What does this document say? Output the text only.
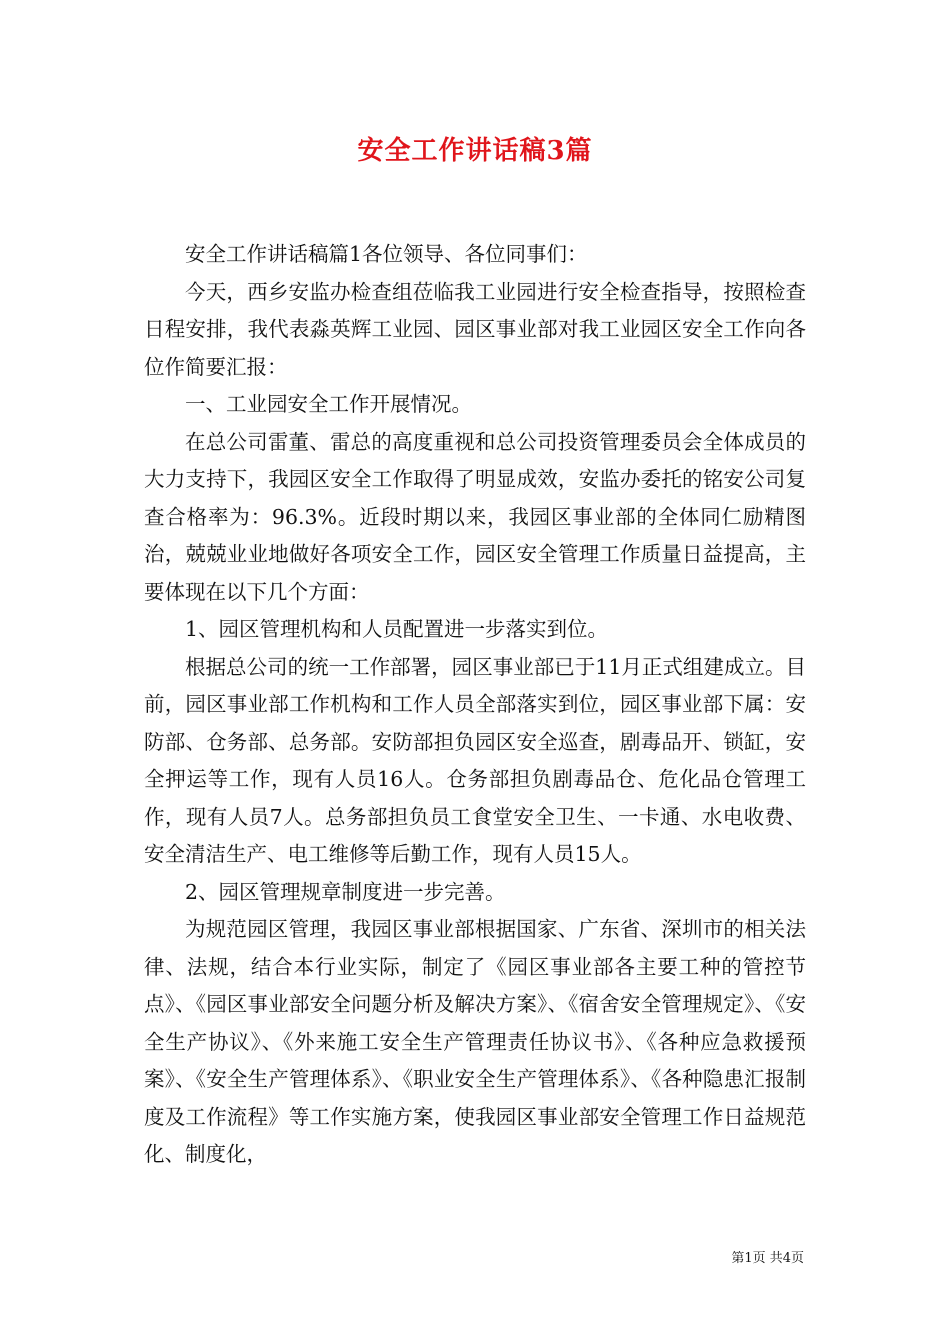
安全工作讲话稿3篇

安全工作讲话稿篇1各位领导、各位同事们：

今天，西乡安监办检查组莅临我工业园进行安全检查指导，按照检查日程安排，我代表淼英辉工业园、园区事业部对我工业园区安全工作向各位作简要汇报：

一、工业园安全工作开展情况。

在总公司雷董、雷总的高度重视和总公司投资管理委员会全体成员的大力支持下，我园区安全工作取得了明显成效，安监办委托的铭安公司复查合格率为：96.3%。近段时期以来，我园区事业部的全体同仁励精图治，兢兢业业地做好各项安全工作，园区安全管理工作质量日益提高，主要体现在以下几个方面：

1、园区管理机构和人员配置进一步落实到位。

根据总公司的统一工作部署，园区事业部已于11月正式组建成立。目前，园区事业部工作机构和工作人员全部落实到位，园区事业部下属：安防部、仓务部、总务部。安防部担负园区安全巡查，剧毒品开、锁缸，安全押运等工作，现有人员16人。仓务部担负剧毒品仓、危化品仓管理工作，现有人员7人。总务部担负员工食堂安全卫生、一卡通、水电收费、安全清洁生产、电工维修等后勤工作，现有人员15人。

2、园区管理规章制度进一步完善。

为规范园区管理，我园区事业部根据国家、广东省、深圳市的相关法律、法规，结合本行业实际，制定了《园区事业部各主要工种的管控节点》、《园区事业部安全问题分析及解决方案》、《宿舍安全管理规定》、《安全生产协议》、《外来施工安全生产管理责任协议书》、《各种应急救援预案》、《安全生产管理体系》、《职业安全生产管理体系》、《各种隐患汇报制度及工作流程》等工作实施方案，使我园区事业部安全管理工作日益规范化、制度化，

第1页 共4页
